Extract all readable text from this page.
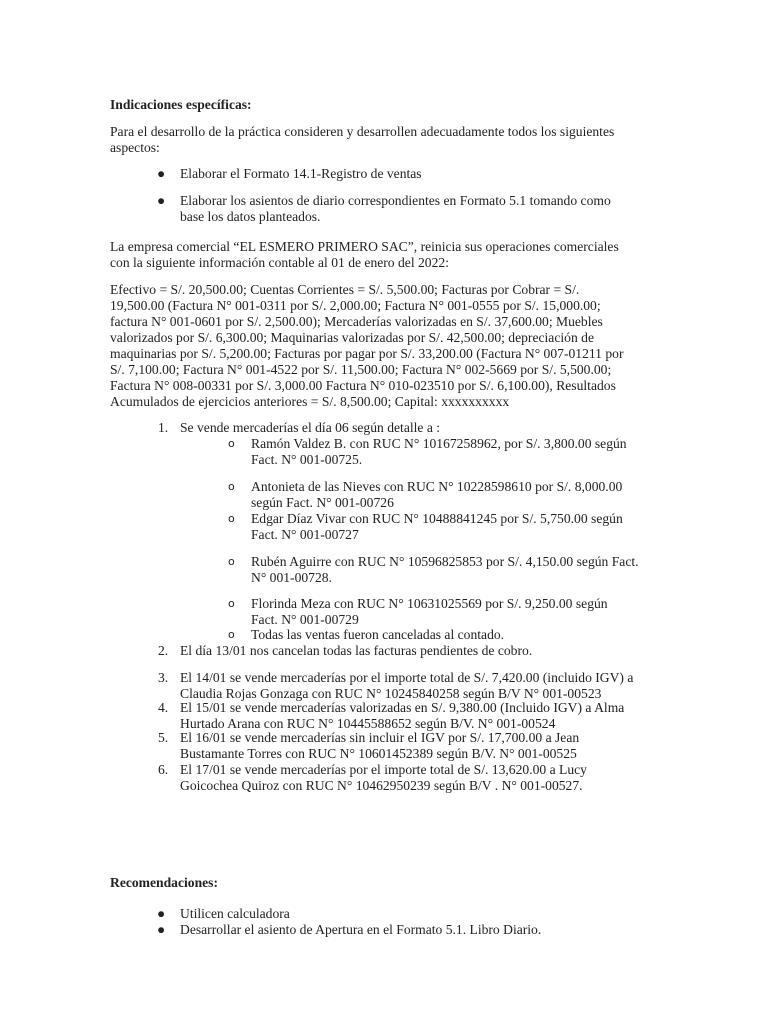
Indicaciones específicas:
Para el desarrollo de la práctica consideren y desarrollen adecuadamente todos los siguientes
aspectos:
● Elaborar el Formato 14.1-Registro de ventas
● Elaborar los asientos de diario correspondientes en Formato 5.1 tomando como
base los datos planteados.
La empresa comercial “EL ESMERO PRIMERO SAC”, reinicia sus operaciones comerciales
con la siguiente información contable al 01 de enero del 2022:
Efectivo = S/. 20,500.00; Cuentas Corrientes = S/. 5,500.00; Facturas por Cobrar = S/.
19,500.00 (Factura N° 001-0311 por S/. 2,000.00; Factura N° 001-0555 por S/. 15,000.00;
factura N° 001-0601 por S/. 2,500.00); Mercaderías valorizadas en S/. 37,600.00; Muebles
valorizados por S/. 6,300.00; Maquinarias valorizadas por S/. 42,500.00; depreciación de
maquinarias por S/. 5,200.00; Facturas por pagar por S/. 33,200.00 (Factura N° 007-01211 por
S/. 7,100.00; Factura N° 001-4522 por S/. 11,500.00; Factura N° 002-5669 por S/. 5,500.00;
Factura N° 008-00331 por S/. 3,000.00 Factura N° 010-023510 por S/. 6,100.00), Resultados
Acumulados de ejercicios anteriores = S/. 8,500.00; Capital: xxxxxxxxxx
1. Se vende mercaderías el día 06 según detalle a :
o Ramón Valdez B. con RUC N° 10167258962, por S/. 3,800.00 según
Fact. N° 001-00725.
o Antonieta de las Nieves con RUC N° 10228598610 por S/. 8,000.00
según Fact. N° 001-00726
o Edgar Díaz Vivar con RUC N° 10488841245 por S/. 5,750.00 según
Fact. N° 001-00727
o Rubén Aguirre con RUC N° 10596825853 por S/. 4,150.00 según Fact.
N° 001-00728.
o Florinda Meza con RUC N° 10631025569 por S/. 9,250.00 según
Fact. N° 001-00729
o Todas las ventas fueron canceladas al contado.
2. El día 13/01 nos cancelan todas las facturas pendientes de cobro.
3. El 14/01 se vende mercaderías por el importe total de S/. 7,420.00 (incluido IGV) a
Claudia Rojas Gonzaga con RUC N° 10245840258 según B/V N° 001-00523
4. El 15/01 se vende mercaderías valorizadas en S/. 9,380.00 (Incluido IGV) a Alma
Hurtado Arana con RUC N° 10445588652 según B/V. N° 001-00524
5. El 16/01 se vende mercaderías sin incluir el IGV por S/. 17,700.00 a Jean
Bustamante Torres con RUC N° 10601452389 según B/V. N° 001-00525
6. El 17/01 se vende mercaderías por el importe total de S/. 13,620.00 a Lucy
Goicochea Quiroz con RUC N° 10462950239 según B/V . N° 001-00527.
Recomendaciones:
● Utilicen calculadora
● Desarrollar el asiento de Apertura en el Formato 5.1. Libro Diario.
